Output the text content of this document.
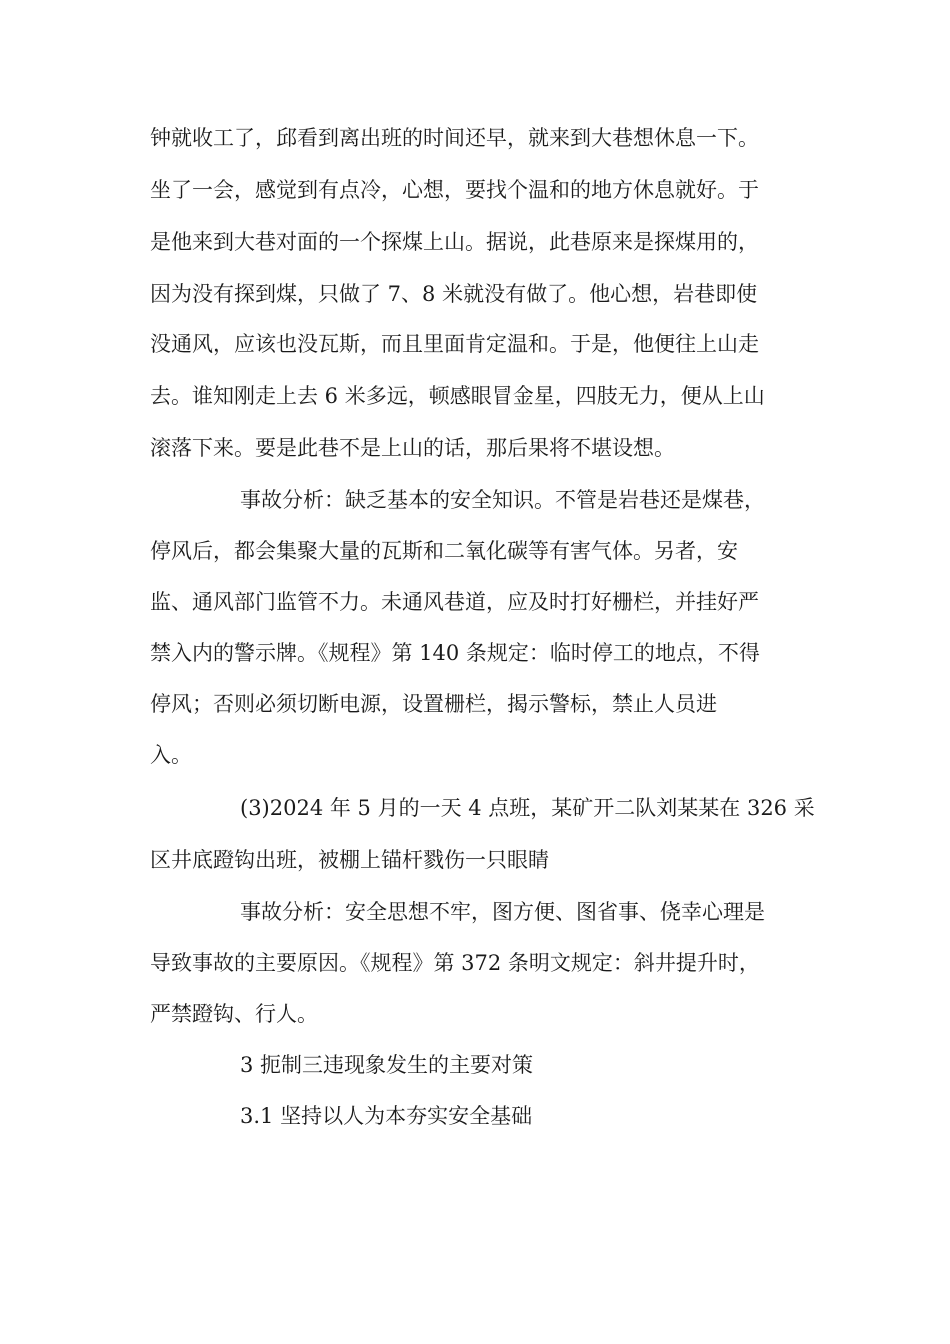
钟就收工了，邱看到离出班的时间还早，就来到大巷想休息一下。
坐了一会，感觉到有点冷，心想，要找个温和的地方休息就好。于
是他来到大巷对面的一个探煤上山。据说，此巷原来是探煤用的，
因为没有探到煤，只做了 7、8 米就没有做了。他心想，岩巷即使
没通风，应该也没瓦斯，而且里面肯定温和。于是，他便往上山走
去。谁知刚走上去 6 米多远，顿感眼冒金星，四肢无力，便从上山
滚落下来。要是此巷不是上山的话，那后果将不堪设想。
事故分析：缺乏基本的安全知识。不管是岩巷还是煤巷，
停风后，都会集聚大量的瓦斯和二氧化碳等有害气体。另者，安
监、通风部门监管不力。未通风巷道，应及时打好栅栏，并挂好严
禁入内的警示牌。《规程》第 140 条规定：临时停工的地点，不得
停风；否则必须切断电源，设置栅栏，揭示警标，禁止人员进
入。
(3)2024 年 5 月的一天 4 点班，某矿开二队刘某某在 326 采
区井底蹬钩出班，被棚上锚杆戮伤一只眼睛
事故分析：安全思想不牢，图方便、图省事、侥幸心理是
导致事故的主要原因。《规程》第 372 条明文规定：斜井提升时，
严禁蹬钩、行人。
3 扼制三违现象发生的主要对策
3.1 坚持以人为本夯实安全基础
